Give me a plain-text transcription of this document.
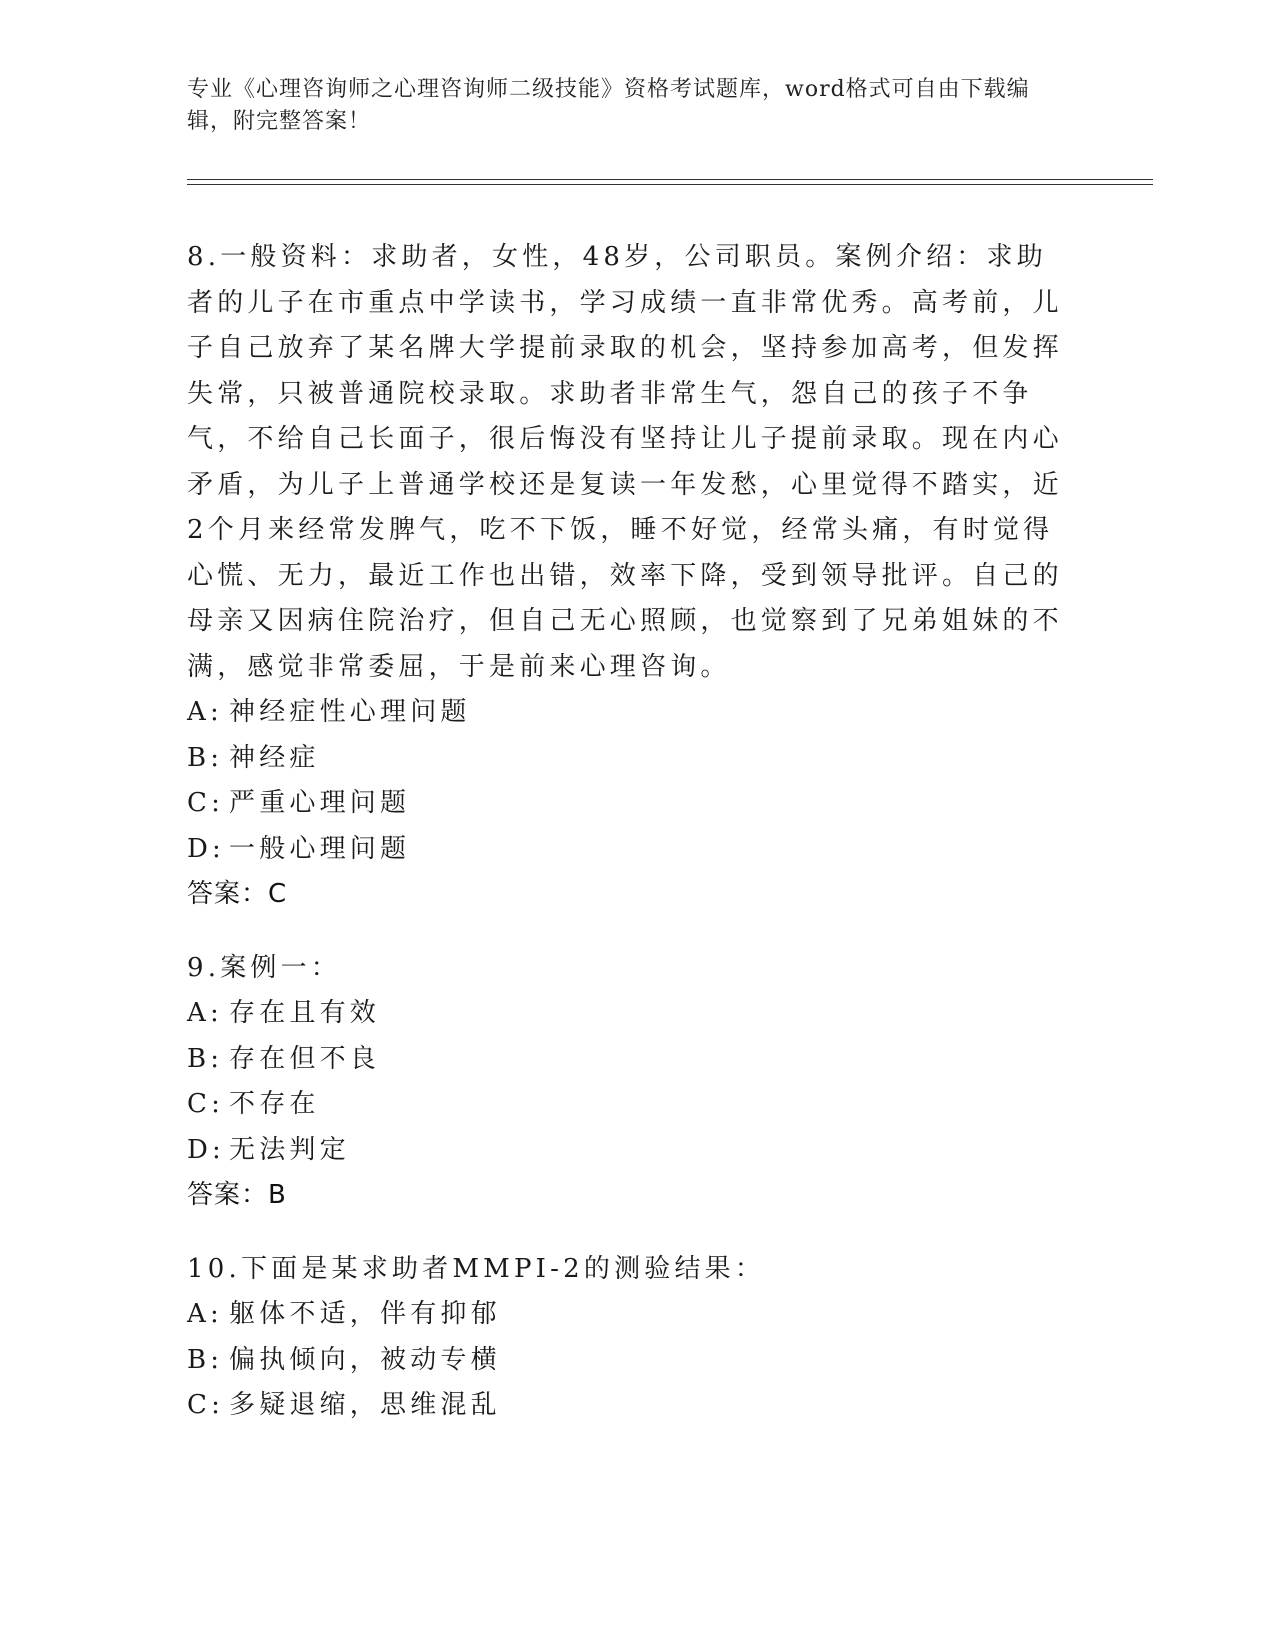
专业《心理咨询师之心理咨询师二级技能》资格考试题库，word格式可自由下载编辑，附完整答案！

8.一般资料：求助者，女性，48岁，公司职员。案例介绍：求助者的儿子在市重点中学读书，学习成绩一直非常优秀。高考前，儿子自己放弃了某名牌大学提前录取的机会，坚持参加高考，但发挥失常，只被普通院校录取。求助者非常生气，怨自己的孩子不争气，不给自己长面子，很后悔没有坚持让儿子提前录取。现在内心矛盾，为儿子上普通学校还是复读一年发愁，心里觉得不踏实，近2个月来经常发脾气，吃不下饭，睡不好觉，经常头痛，有时觉得心慌、无力，最近工作也出错，效率下降，受到领导批评。自己的母亲又因病住院治疗，但自己无心照顾，也觉察到了兄弟姐妹的不满，感觉非常委屈，于是前来心理咨询。

A: 神经症性心理问题

B: 神经症

C: 严重心理问题

D: 一般心理问题

答案：C

9.案例一：

A: 存在且有效

B: 存在但不良

C: 不存在

D: 无法判定

答案：B

10.下面是某求助者MMPI-2的测验结果：

A: 躯体不适，伴有抑郁

B: 偏执倾向，被动专横

C: 多疑退缩，思维混乱
